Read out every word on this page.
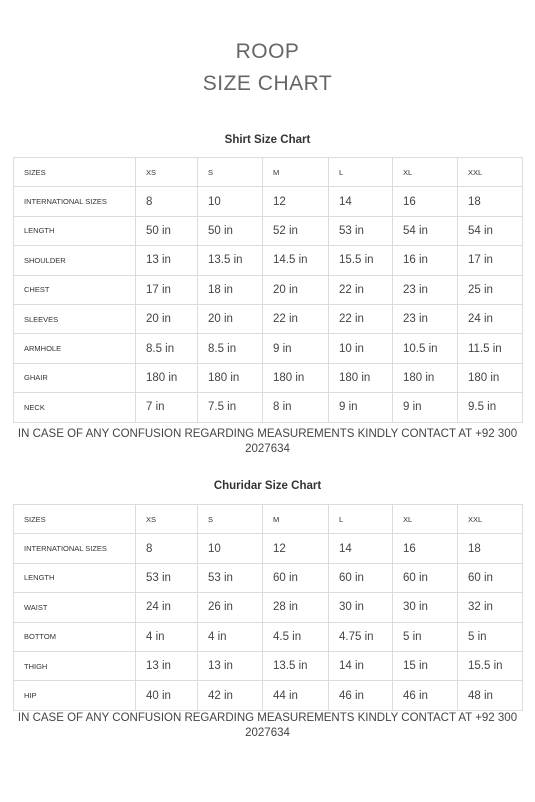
ROOP
SIZE CHART
Shirt Size Chart
SIZES	XS	S	M	L	XL	XXL
INTERNATIONAL SIZES	8	10	12	14	16	18
LENGTH	50 in	50 in	52 in	53 in	54 in	54 in
SHOULDER	13 in	13.5 in	14.5 in	15.5 in	16 in	17 in
CHEST	17 in	18 in	20 in	22 in	23 in	25 in
SLEEVES	20 in	20 in	22 in	22 in	23 in	24 in
ARMHOLE	8.5 in	8.5 in	9 in	10 in	10.5 in	11.5 in
GHAIR	180 in	180 in	180 in	180 in	180 in	180 in
NECK	7 in	7.5 in	8 in	9 in	9 in	9.5 in
IN CASE OF ANY CONFUSION REGARDING MEASUREMENTS KINDLY CONTACT AT +92 300 2027634
Churidar Size Chart
SIZES	XS	S	M	L	XL	XXL
INTERNATIONAL SIZES	8	10	12	14	16	18
LENGTH	53 in	53 in	60 in	60 in	60 in	60 in
WAIST	24 in	26 in	28 in	30 in	30 in	32 in
BOTTOM	4 in	4 in	4.5 in	4.75 in	5 in	5 in
THIGH	13 in	13 in	13.5 in	14 in	15 in	15.5 in
HIP	40 in	42 in	44 in	46 in	46 in	48 in
IN CASE OF ANY CONFUSION REGARDING MEASUREMENTS KINDLY CONTACT AT +92 300 2027634
